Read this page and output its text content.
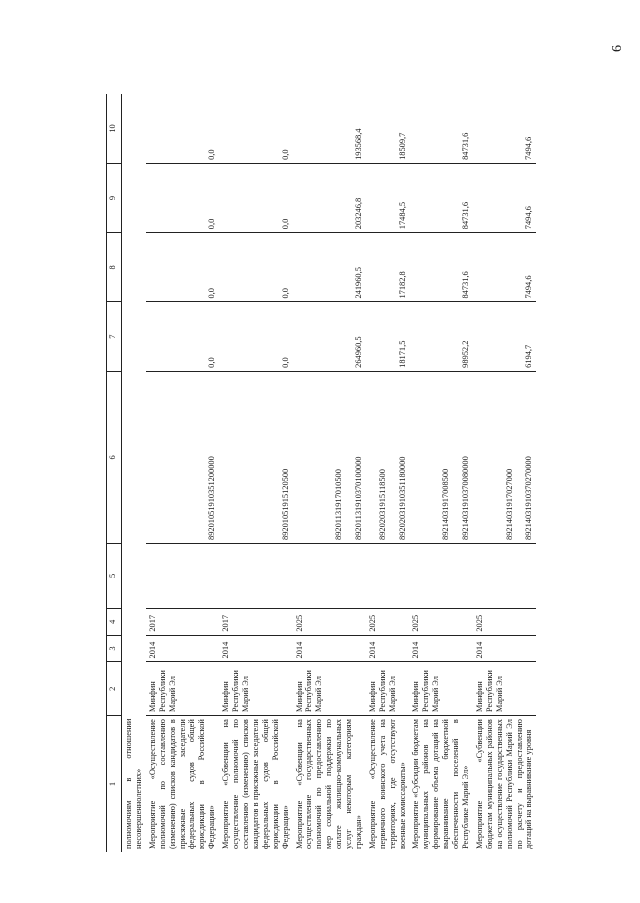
6
полномочиям в отношении несовершеннолетних»									
1	2	3	4	5	6	7	8	9	10
Мероприятие «Осуществление полномочий по составлению (изменению) списков кандидатов в присяжные заседатели федеральных судов общей юрисдикции в Российской Федерации»	Минфин Республики Марий Эл	2014	2017		89201051910351200000	0,0	0,0	0,0	0,0
Мероприятие «Субвенции на осуществление полномочий по составлению (изменению) списков кандидатов в присяжные заседатели федеральных судов общей юрисдикции в Российской Федерации»	Минфин Республики Марий Эл	2014	2017		89201051915120500	0,0	0,0	0,0	0,0
Мероприятие «Субвенции на осуществление государственных полномочий по предоставлению мер социальной поддержки по оплате жилищно-коммунальных услуг некоторым категориям граждан»	Минфин Республики Марий Эл	2014	2025		89201131917010500 89201131910370100000	264960,5	241960,5	203246,8	193568,4
Мероприятие «Осуществление первичного воинского учета на территориях, где отсутствуют военные комиссариаты»	Минфин Республики Марий Эл	2014	2025		89202031915118500 89202031910351180000	18171,5	17182,8	17484,5	18509,7
Мероприятие «Субсидии бюджетам муниципальных районов на формирование объема дотаций на выравнивание бюджетной обеспеченности поселений в Республике Марий Эл»	Минфин Республики Марий Эл	2014	2025		89214031917008500 89214031910370080000	98952,2	84731,6	84731,6	84731,6
Мероприятие «Субвенции бюджетам муниципальных районов на осуществление государственных полномочий Республики Марий Эл по расчету и предоставлению дотаций на выравнивание уровня	Минфин Республики Марий Эл	2014	2025		89214031917027000 89214031910370270000	6194,7	7494,6	7494,6	7494,6
